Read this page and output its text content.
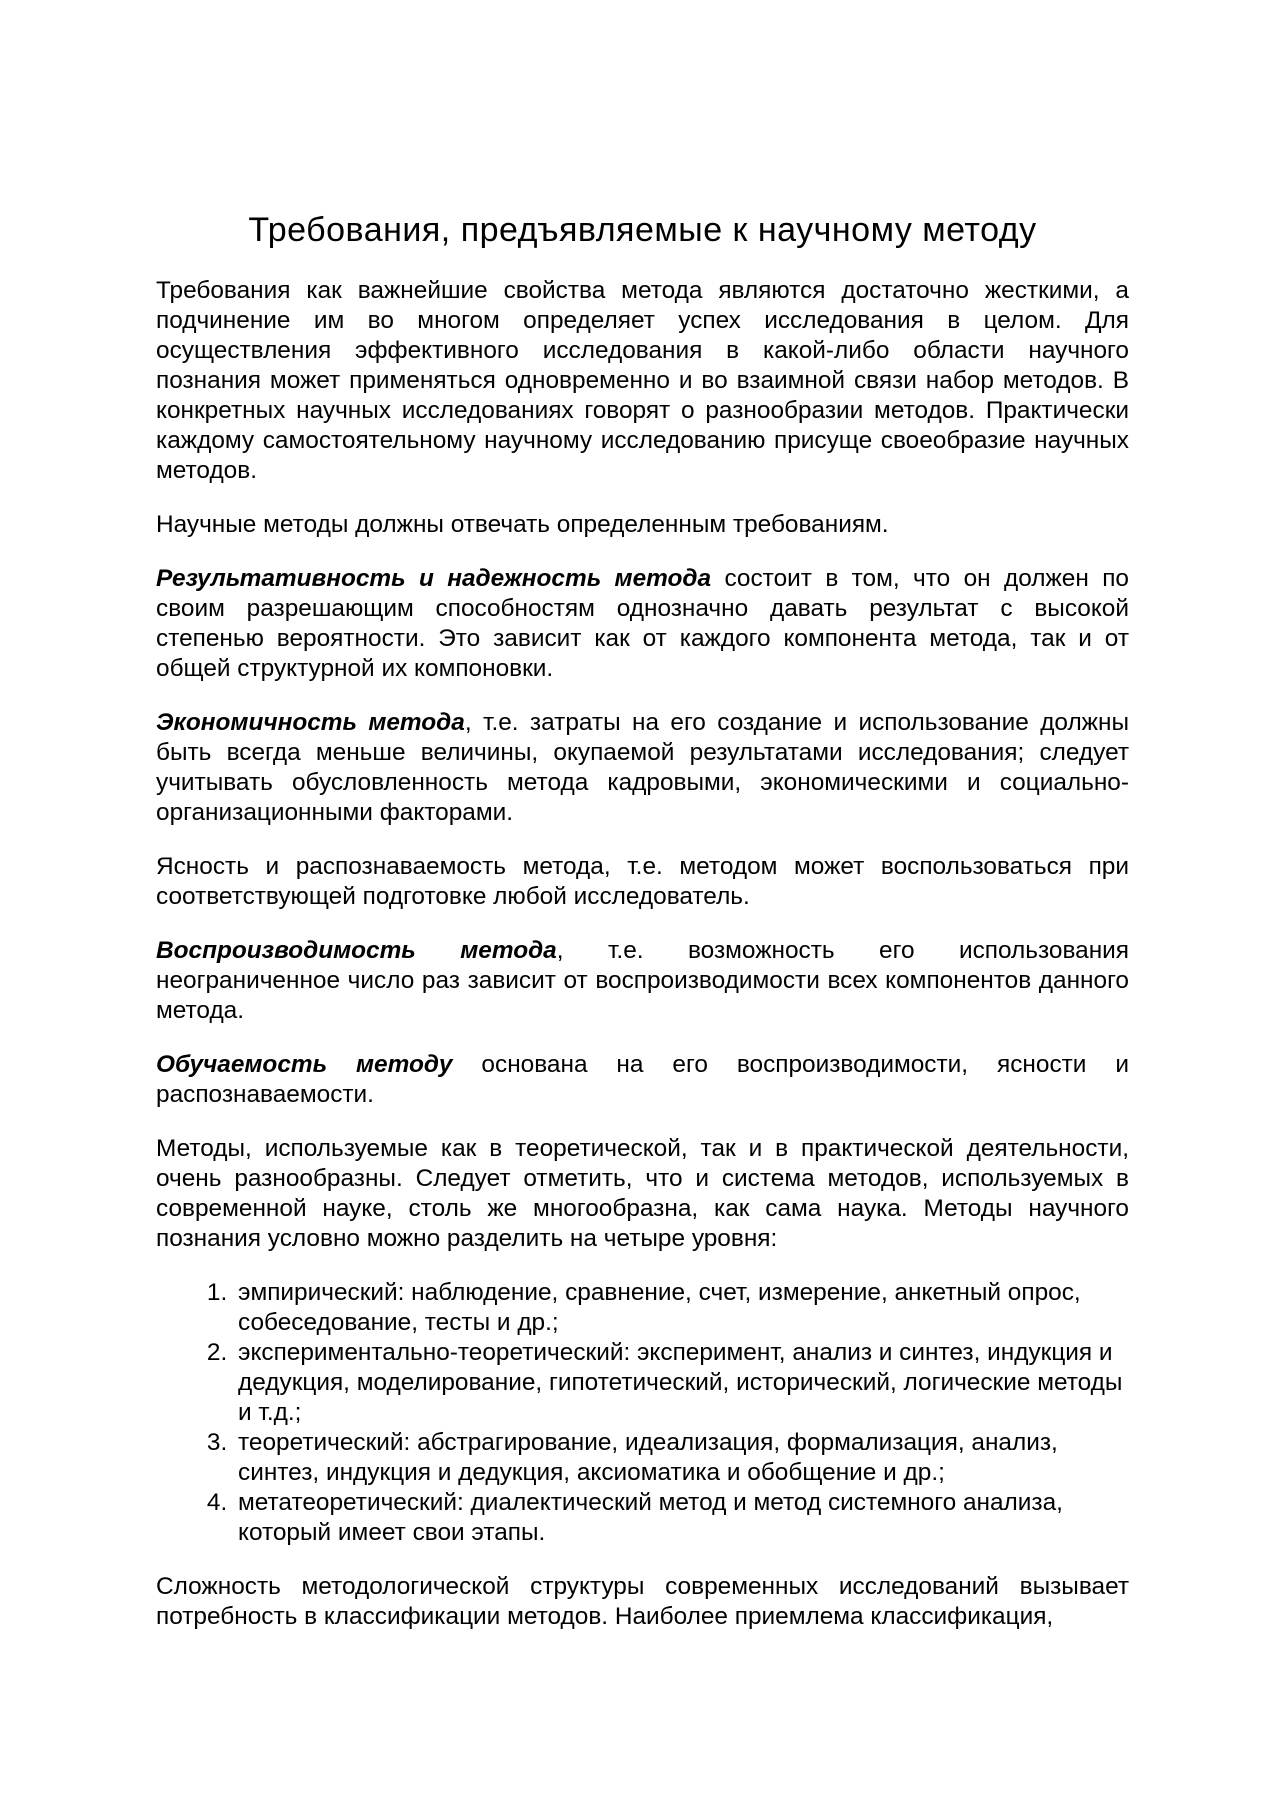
Требования, предъявляемые к научному методу

Требования как важнейшие свойства метода являются достаточно жесткими, а подчинение им во многом определяет успех исследования в целом. Для осуществления эффективного исследования в какой-либо области научного познания может применяться одновременно и во взаимной связи набор методов. В конкретных научных исследованиях говорят о разнообразии методов. Практически каждому самостоятельному научному исследованию присуще своеобразие научных методов.

Научные методы должны отвечать определенным требованиям.

Результативность и надежность метода состоит в том, что он должен по своим разрешающим способностям однозначно давать результат с высокой степенью вероятности. Это зависит как от каждого компонента метода, так и от общей структурной их компоновки.

Экономичность метода, т.е. затраты на его создание и использование должны быть всегда меньше величины, окупаемой результатами исследования; следует учитывать обусловленность метода кадровыми, экономическими и социально-организационными факторами.

Ясность и распознаваемость метода, т.е. методом может воспользоваться при соответствующей подготовке любой исследователь.

Воспроизводимость метода, т.е. возможность его использования неограниченное число раз зависит от воспроизводимости всех компонентов данного метода.

Обучаемость методу основана на его воспроизводимости, ясности и распознаваемости.

Методы, используемые как в теоретической, так и в практической деятельности, очень разнообразны. Следует отметить, что и система методов, используемых в современной науке, столь же многообразна, как сама наука. Методы научного познания условно можно разделить на четыре уровня:

1. эмпирический: наблюдение, сравнение, счет, измерение, анкетный опрос, собеседование, тесты и др.;
2. экспериментально-теоретический: эксперимент, анализ и синтез, индукция и дедукция, моделирование, гипотетический, исторический, логические методы и т.д.;
3. теоретический: абстрагирование, идеализация, формализация, анализ, синтез, индукция и дедукция, аксиоматика и обобщение и др.;
4. метатеоретический: диалектический метод и метод системного анализа, который имеет свои этапы.

Сложность методологической структуры современных исследований вызывает потребность в классификации методов. Наиболее приемлема классификация,
